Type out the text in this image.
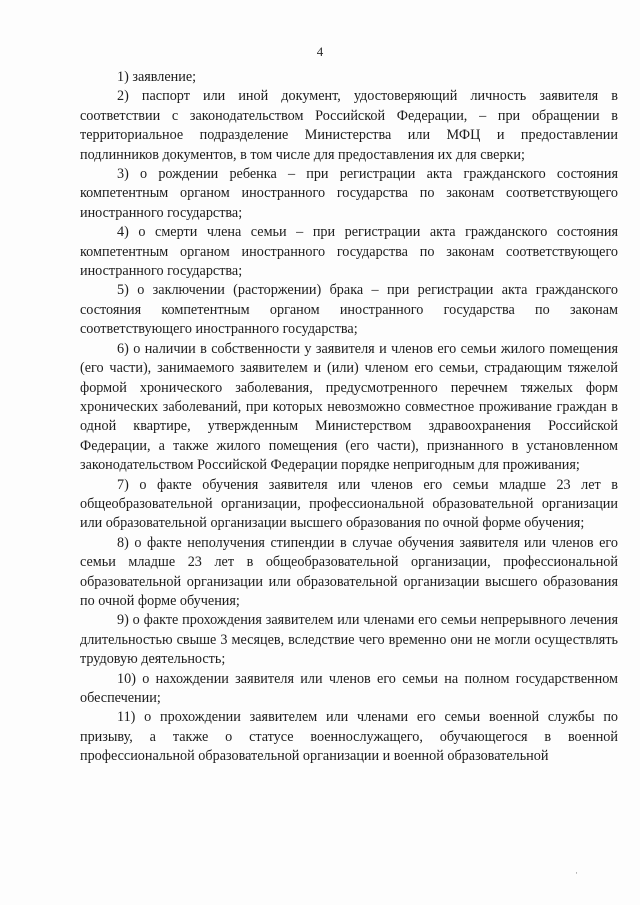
4

1) заявление;

2) паспорт или иной документ, удостоверяющий личность заявителя в соответствии с законодательством Российской Федерации, – при обращении в территориальное подразделение Министерства или МФЦ и предоставлении подлинников документов, в том числе для предоставления их для сверки;

3) о рождении ребенка – при регистрации акта гражданского состояния компетентным органом иностранного государства по законам соответствующего иностранного государства;

4) о смерти члена семьи – при регистрации акта гражданского состояния компетентным органом иностранного государства по законам соответствующего иностранного государства;

5) о заключении (расторжении) брака – при регистрации акта гражданского состояния компетентным органом иностранного государства по законам соответствующего иностранного государства;

6) о наличии в собственности у заявителя и членов его семьи жилого помещения (его части), занимаемого заявителем и (или) членом его семьи, страдающим тяжелой формой хронического заболевания, предусмотренного перечнем тяжелых форм хронических заболеваний, при которых невозможно совместное проживание граждан в одной квартире, утвержденным Министерством здравоохранения Российской Федерации, а также жилого помещения (его части), признанного в установленном законодательством Российской Федерации порядке непригодным для проживания;

7) о факте обучения заявителя или членов его семьи младше 23 лет в общеобразовательной организации, профессиональной образовательной организации или образовательной организации высшего образования по очной форме обучения;

8) о факте неполучения стипендии в случае обучения заявителя или членов его семьи младше 23 лет в общеобразовательной организации, профессиональной образовательной организации или образовательной организации высшего образования по очной форме обучения;

9) о факте прохождения заявителем или членами его семьи непрерывного лечения длительностью свыше 3 месяцев, вследствие чего временно они не могли осуществлять трудовую деятельность;

10) о нахождении заявителя или членов его семьи на полном государственном обеспечении;

11) о прохождении заявителем или членами его семьи военной службы по призыву, а также о статусе военнослужащего, обучающегося в военной профессиональной образовательной организации и военной образовательной

·
